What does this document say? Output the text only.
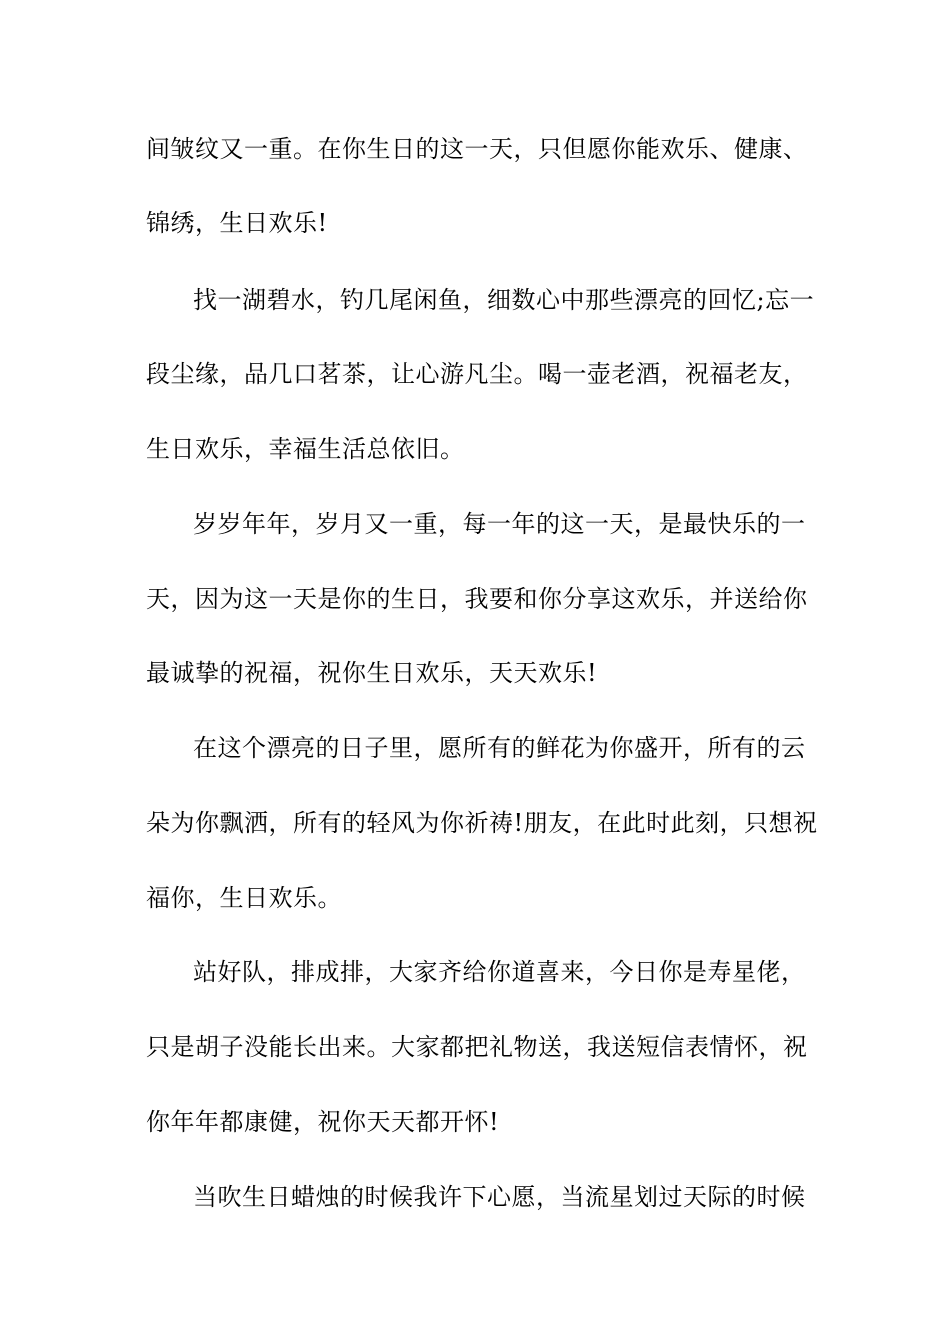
间皱纹又一重。在你生日的这一天，只但愿你能欢乐、健康、
锦绣，生日欢乐!
找一湖碧水，钓几尾闲鱼，细数心中那些漂亮的回忆;忘一
段尘缘，品几口茗茶，让心游凡尘。喝一壶老酒，祝福老友，
生日欢乐，幸福生活总依旧。
岁岁年年，岁月又一重，每一年的这一天，是最快乐的一
天，因为这一天是你的生日，我要和你分享这欢乐，并送给你
最诚挚的祝福，祝你生日欢乐，天天欢乐!
在这个漂亮的日子里，愿所有的鲜花为你盛开，所有的云
朵为你飘洒，所有的轻风为你祈祷!朋友，在此时此刻，只想祝
福你，生日欢乐。
站好队，排成排，大家齐给你道喜来，今日你是寿星佬，
只是胡子没能长出来。大家都把礼物送，我送短信表情怀，祝
你年年都康健，祝你天天都开怀!
当吹生日蜡烛的时候我许下心愿，当流星划过天际的时候
